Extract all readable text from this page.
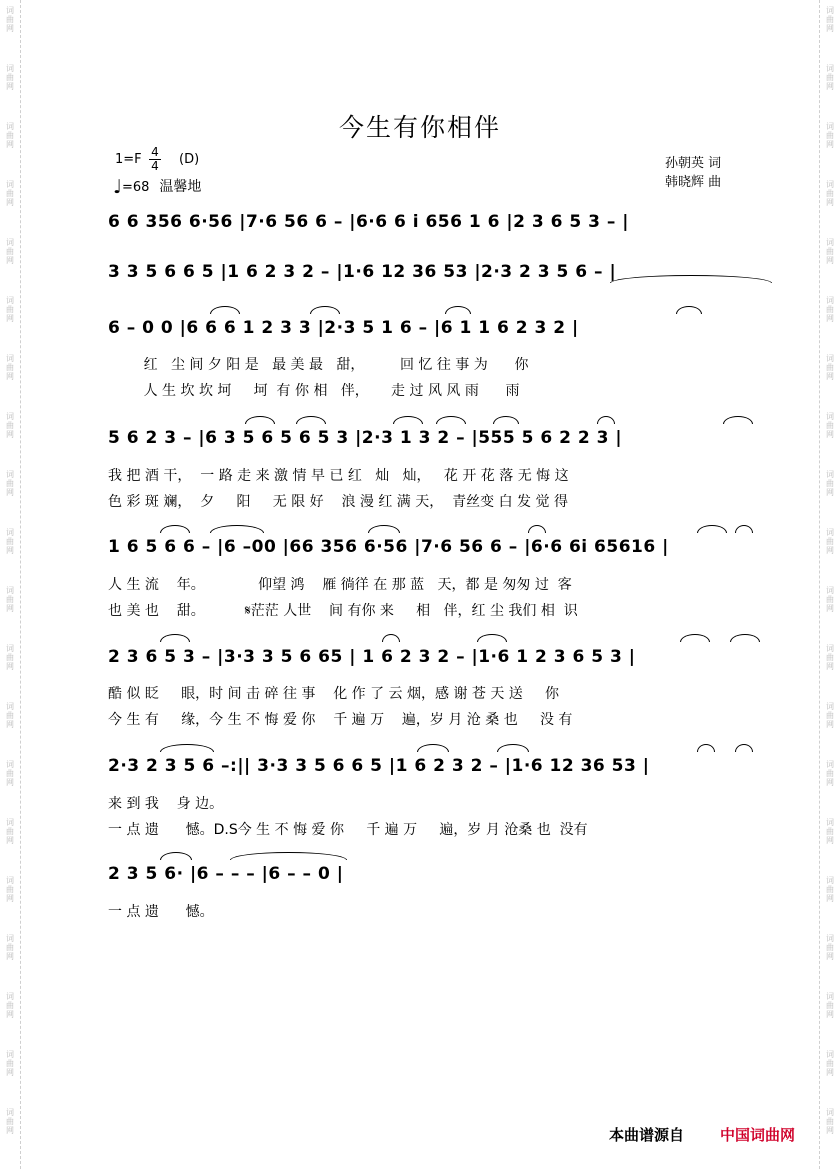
词
曲
网
词
曲
网
词
曲
网
词
曲
网
词
曲
网
词
曲
网
词
曲
网
词
曲
网
词
曲
网
词
曲
网
词
曲
网
词
曲
网
词
曲
网
词
曲
网
词
曲
网
词
曲
网
词
曲
网
词
曲
网
词
曲
网
词
曲
网
词
曲
网
词
曲
网
词
曲
网
词
曲
网
词
曲
网
词
曲
网
词
曲
网
词
曲
网
词
曲
网
词
曲
网
词
曲
网
词
曲
网
词
曲
网
词
曲
网
词
曲
网
词
曲
网
词
曲
网
词
曲
网
词
曲
网
词
曲
网
今生有你相伴
$1=F \frac{4}{4} (D)$
♩=68 温馨地
孙朝英 词
韩晓辉 曲
6 6 356 6·56 |7·6 56 6 – |6·6 6 i 656 1 6 |2 3 6 5 3 – |
3 3 5 6 6 5 |1 6 2 3 2 – |1·6 12 36 53 |2·3 2 3 5 6 – |
6 – 0 0 |6 6 6 1 2 3 3 |2·3 5 1 6 – |6 1 1 6 2 3 2 |
红   尘 间 夕 阳 是   最 美 最   甜，        回 忆 往 事 为      你
人 生 坎 坎 坷     坷  有 你 相   伴，     走 过 风 风 雨      雨
5 6 2 3 – |6 3 5 6 5 6 5 3 |2·3 1 3 2 – |555 5 6 2 2 3 |
我 把 酒 干，  一 路 走 来 激 情 早 已 红   灿   灿，   花 开 花 落 无 悔 这
色 彩 斑 斓，  夕     阳     无 限 好    浪 漫 红 满 天，  青丝变 白 发 觉 得
1 6 5 6 6 – |6 –00 |66 356 6·56 |7·6 56 6 – |6·6 6i 65616 |
人 生 流    年。            仰望 鸿    雁 徜徉 在 那 蓝   天，都 是 匆匆 过  客
也 美 也    甜。         𝄋茫茫 人世    间 有你 来     相   伴，红 尘 我们 相  识
2 3 6 5 3 – |3·3 3 5 6 65 | 1 6 2 3 2 – |1·6 1 2 3 6 5 3 |
酷 似 眨     眼，时 间 击 碎 往 事    化 作 了 云 烟，感 谢 苍 天 送     你
今 生 有     缘，今 生 不 悔 爱 你    千 遍 万    遍，岁 月 沧 桑 也     没 有
2·3 2 3 5 6 –:|| 3·3 3 5 6 6 5 |1 6 2 3 2 – |1·6 12 36 53 |
来 到 我    身 边。
一 点 遗      憾。D.S今 生 不 悔 爱 你     千 遍 万     遍，岁 月 沧桑 也  没有
2 3 5 6· |6 – – – |6 – – 0 |
一 点 遗      憾。
本曲谱源自 中国词曲网
